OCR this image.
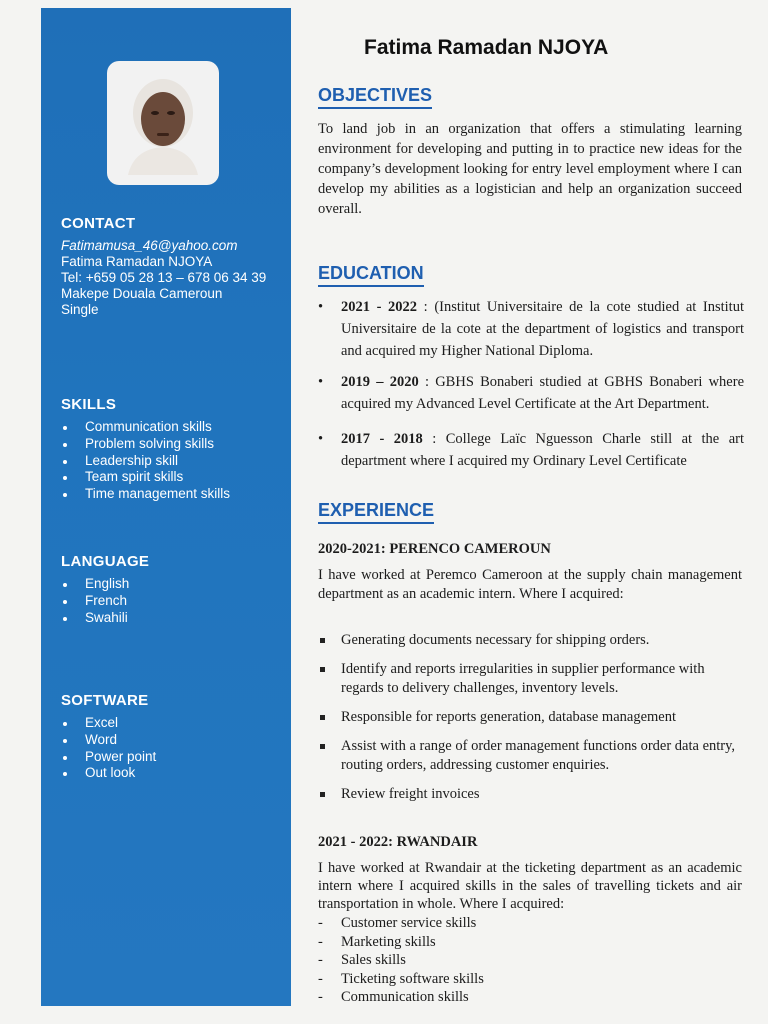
CONTACT
Fatimamusa_46@yahoo.com
Fatima Ramadan NJOYA
Tel: +659 05 28 13 – 678 06 34 39
Makepe Douala Cameroun
Single
SKILLS
Communication skills
Problem solving skills
Leadership skill
Team spirit skills
Time management skills
LANGUAGE
English
French
Swahili
SOFTWARE
Excel
Word
Power point
Out look
Fatima Ramadan NJOYA
OBJECTIVES
To land job in an organization that offers a stimulating learning environment for developing and putting in to practice new ideas for the company’s development looking for entry level employment where I can develop my abilities as a logistician and help an organization succeed overall.
EDUCATION
•	2021 - 2022 : (Institut Universitaire de la cote studied at Institut Universitaire de la cote at the department of logistics and transport and acquired my Higher National Diploma.
•	2019 – 2020 : GBHS Bonaberi studied at GBHS Bonaberi where acquired my Advanced Level Certificate at the Art Department.
•	2017 - 2018 : College Laïc Nguesson Charle still at the art department where I acquired my Ordinary Level Certificate
EXPERIENCE
2020-2021: PERENCO CAMEROUN
I have worked at Peremco Cameroon at the supply chain management department as an academic intern. Where I acquired:
Generating documents necessary for shipping orders.
Identify and reports irregularities in supplier performance with regards to delivery challenges, inventory levels.
Responsible for reports generation, database management
Assist with a range of order management functions order data entry, routing orders, addressing customer enquiries.
Review freight invoices
2021 - 2022: RWANDAIR
I have worked at Rwandair at the ticketing department as an academic intern where I acquired skills in the sales of travelling tickets and air transportation in whole. Where I acquired:
- Customer service skills
- Marketing skills
- Sales skills
- Ticketing software skills
- Communication skills
